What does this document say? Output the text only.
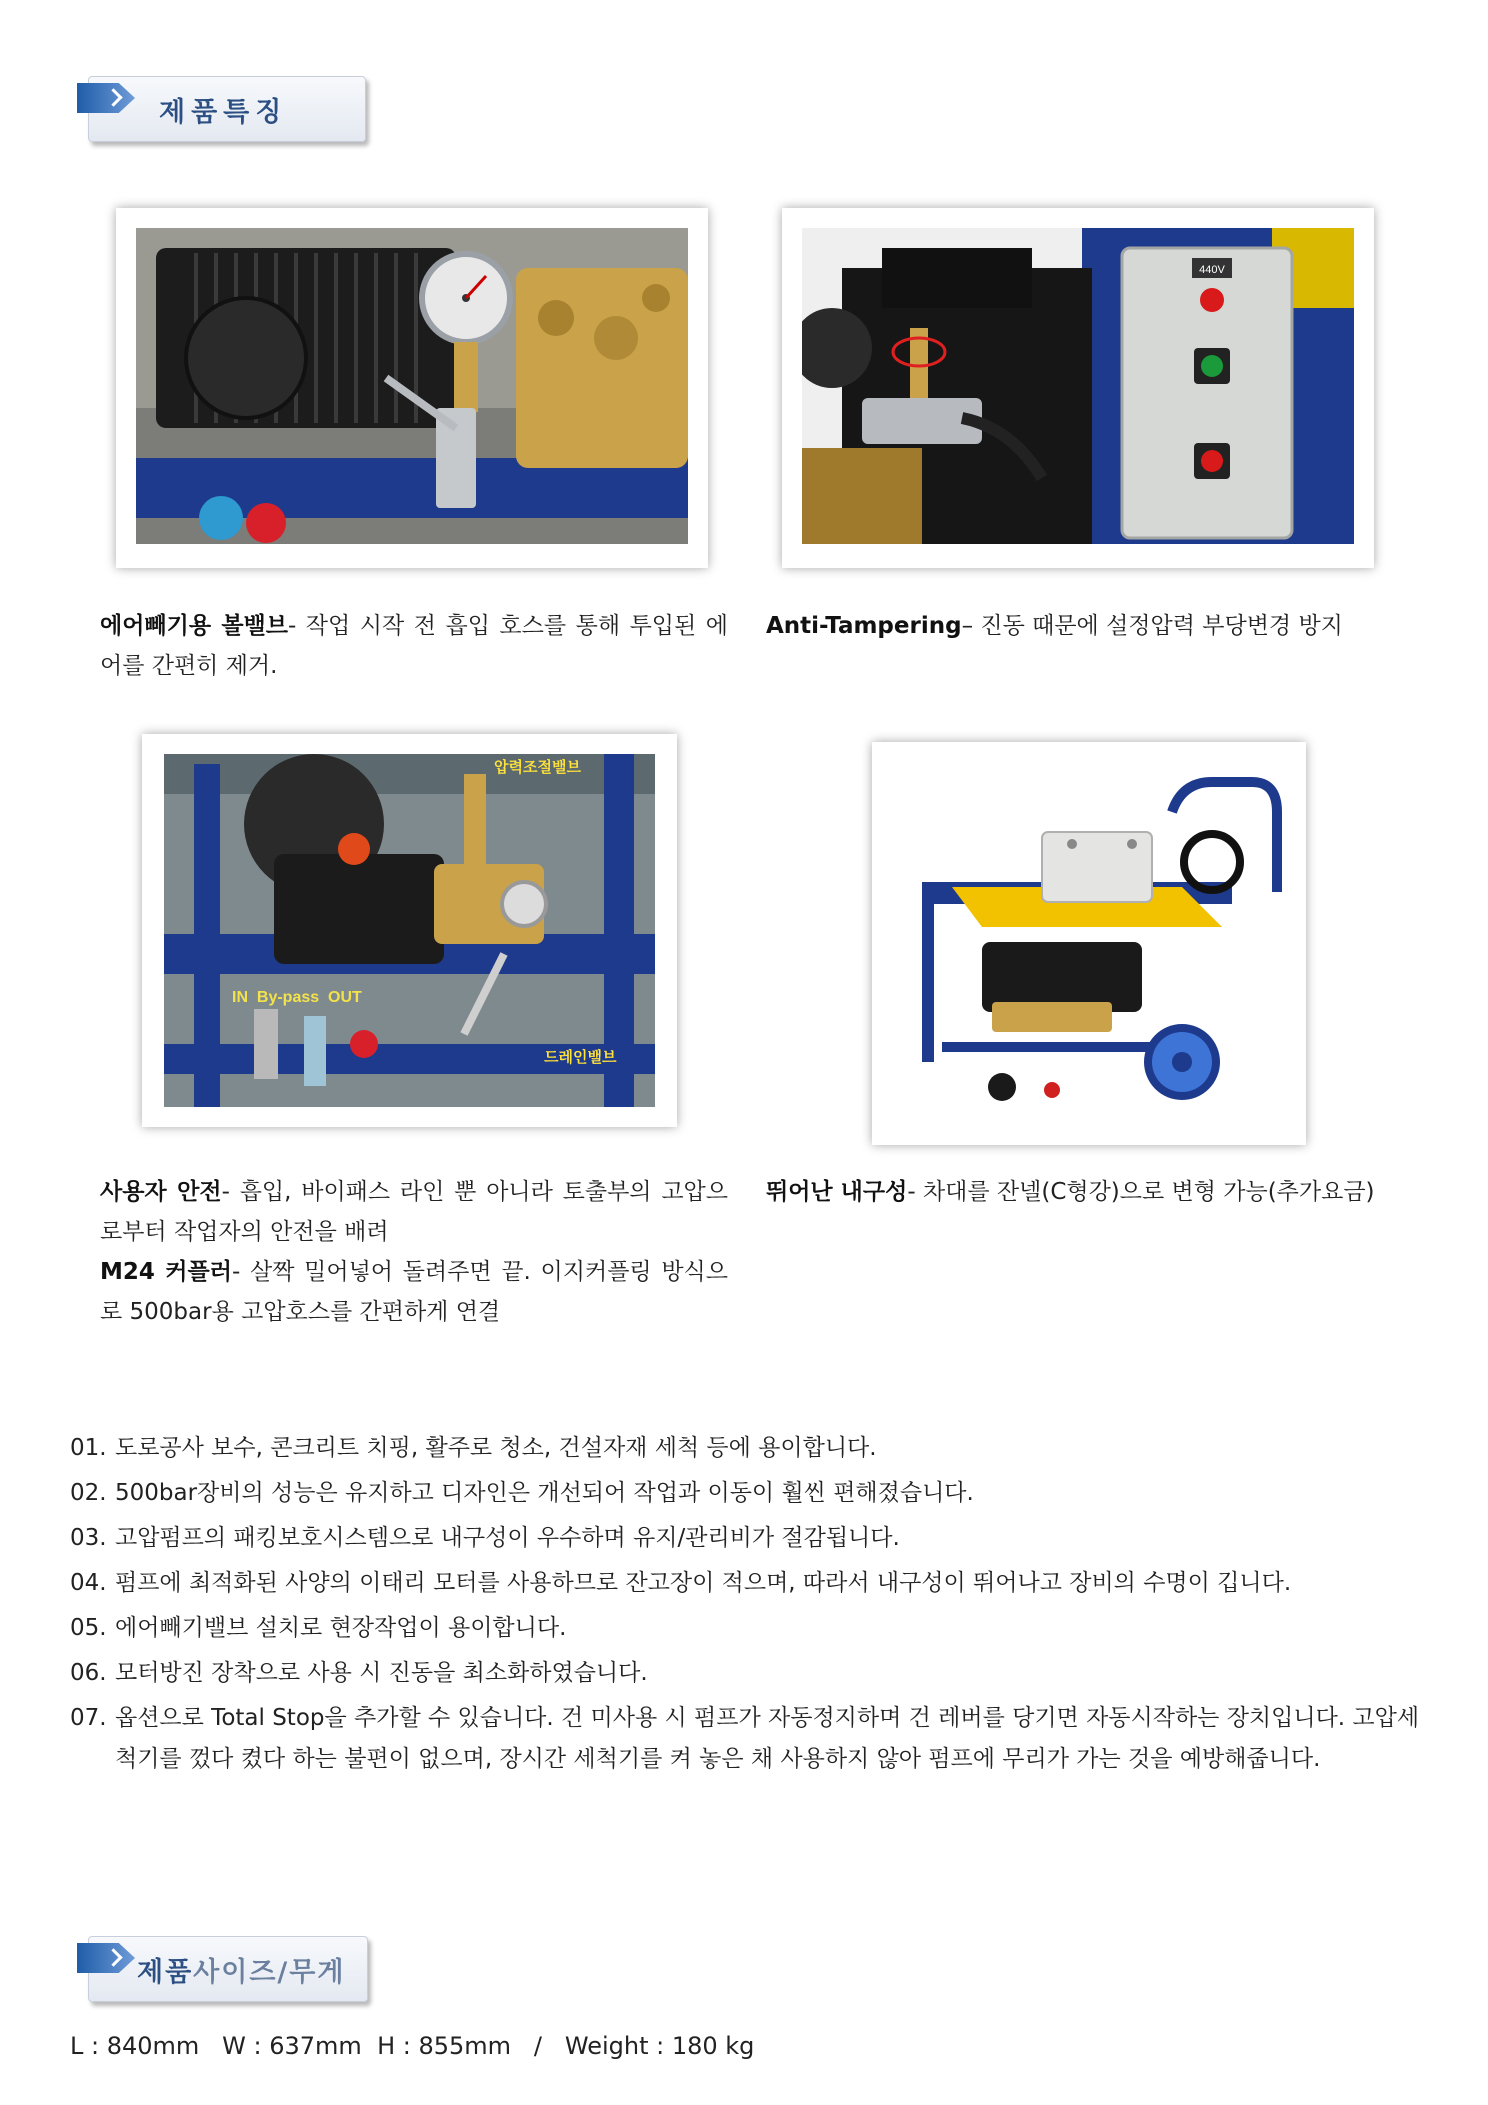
제품특징
440V
에어빼기용 볼밸브- 작업 시작 전 흡입 호스를 통해 투입된 에어를 간편히 제거.
Anti-Tampering– 진동 때문에 설정압력 부당변경 방지
압력조절밸브
IN  By-pass  OUT
드레인밸브
사용자 안전- 흡입, 바이패스 라인 뿐 아니라 토출부의 고압으로부터 작업자의 안전을 배려
M24 커플러- 살짝 밀어넣어 돌려주면 끝. 이지커플링 방식으로 500bar용 고압호스를 간편하게 연결
뛰어난 내구성- 차대를 잔넬(C형강)으로 변형 가능(추가요금)
01. 도로공사 보수, 콘크리트 치핑, 활주로 청소, 건설자재 세척 등에 용이합니다.
02. 500bar장비의 성능은 유지하고 디자인은 개선되어 작업과 이동이 훨씬 편해졌습니다.
03. 고압펌프의 패킹보호시스템으로 내구성이 우수하며 유지/관리비가 절감됩니다.
04. 펌프에 최적화된 사양의 이태리 모터를 사용하므로 잔고장이 적으며, 따라서 내구성이 뛰어나고 장비의 수명이 깁니다.
05. 에어빼기밸브 설치로 현장작업이 용이합니다.
06. 모터방진 장착으로 사용 시 진동을 최소화하였습니다.
07. 옵션으로 Total Stop을 추가할 수 있습니다. 건 미사용 시 펌프가 자동정지하며 건 레버를 당기면 자동시작하는 장치입니다. 고압세척기를 껐다 켰다 하는 불편이 없으며, 장시간 세척기를 켜 놓은 채 사용하지 않아 펌프에 무리가 가는 것을 예방해줍니다.
제품사이즈/무게
L : 840mm   W : 637mm  H : 855mm   /   Weight : 180 kg
